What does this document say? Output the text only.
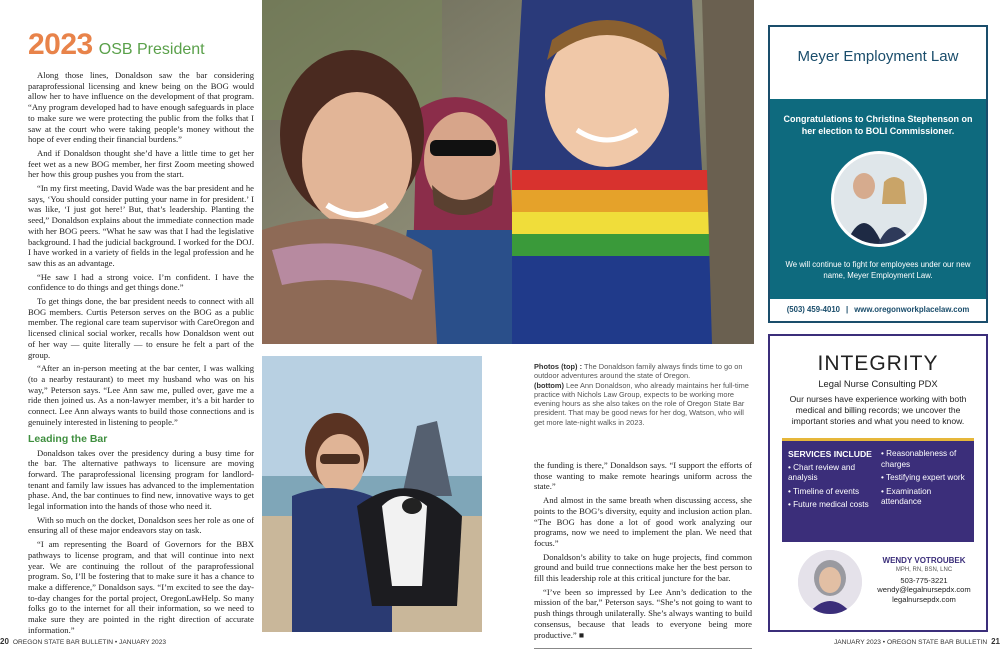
2023 OSB President

Along those lines, Donaldson saw the bar considering paraprofessional licensing and knew being on the BOG would allow her to have influence on the development of that program. “Any program developed had to have enough safeguards in place to make sure we were protecting the public from the folks that I saw at the court who were taking people’s money without the hope of ever ending their financial burdens.”

And if Donaldson thought she’d have a little time to get her feet wet as a new BOG member, her first Zoom meeting showed her how this group pushes you from the start.

“In my first meeting, David Wade was the bar president and he says, ‘You should consider putting your name in for president.’ I was like, ‘I just got here!’ But, that’s leadership. Planting the seed,” Donaldson explains about the immediate connection made with her BOG peers. “What he saw was that I had the legislative background. I had the judicial background. I worked for the DOJ. I have worked in a variety of fields in the legal profession and he saw this as an advantage.

“He saw I had a strong voice. I’m confident. I have the confidence to do things and get things done.”

To get things done, the bar president needs to connect with all BOG members. Curtis Peterson serves on the BOG as a public member. The regional care team supervisor with CareOregon and licensed clinical social worker, recalls how Donaldson went out of her way — quite literally — to ensure he felt a part of the group.

“After an in-person meeting at the bar center, I was walking (to a nearby restaurant) to meet my husband who was on his way,” Peterson says. “Lee Ann saw me, pulled over, gave me a ride then joined us. As a non-lawyer member, it’s a bit harder to connect. Lee Ann always wants to build those connections and is genuinely interested in listening to people.”

Leading the Bar

Donaldson takes over the presidency during a busy time for the bar. The alternative pathways to licensure are moving forward. The paraprofessional licensing program for landlord-tenant and family law issues has advanced to the implementation phase. And, the bar continues to find new, innovative ways to get legal information into the hands of those who need it.

With so much on the docket, Donaldson sees her role as one of ensuring all of these major endeavors stay on task.

“I am representing the Board of Governors for the BBX pathways to license program, and that will continue into next year. We are continuing the rollout of the paraprofessional program. So, I’ll be fostering that to make sure it has a chance to make a difference,” Donaldson says. “I’m excited to see the day-to-day changes for the portal project, OregonLawHelp. So many folks go to the internet for all their information, so we need to make sure they are pointed in the right direction of accurate information.”

Photos (top) : The Donaldson family always finds time to go on outdoor adventures around the state of Oregon.
(bottom) Lee Ann Donaldson, who already maintains her full-time practice with Nichols Law Group, expects to be working more evening hours as she also takes on the role of Oregon State Bar president. That may be good news for her dog, Watson, who will get more late-night walks in 2023.

the funding is there,” Donaldson says. “I support the efforts of those wanting to make remote hearings uniform across the state.”

And almost in the same breath when discussing access, she points to the BOG’s diversity, equity and inclusion action plan. “The BOG has done a lot of good work analyzing our programs, now we need to implement the plan. We need that focus.”

Donaldson’s ability to take on huge projects, find common ground and build true connections make her the best person to fill this leadership role at this critical juncture for the bar.

“I’ve been so impressed by Lee Ann’s dedication to the mission of the bar,” Peterson says. “She’s not going to want to push things through unilaterally. She’s always wanting to build consensus, because that leads to everyone being more productive.” ■

Meyer Employment Law
Congratulations to Christina Stephenson on her election to BOLI Commissioner.
We will continue to fight for employees under our new name, Meyer Employment Law.
(503) 459-4010 | www.oregonworkplacelaw.com
INTEGRITY
Legal Nurse Consulting PDX
Our nurses have experience working with both medical and billing records; we uncover the important stories and what you need to know.
SERVICES INCLUDE
• Chart review and analysis
• Timeline of events
• Future medical costs
• Reasonableness of charges
• Testifying expert work
• Examination attendance
WENDY VOTROUBEK
MPH, RN, BSN, LNC
503-775-3221
wendy@legalnursepdx.com
legalnursepdx.com
20 OREGON STATE BAR BULLETIN • JANUARY 2023	JANUARY 2023 • OREGON STATE BAR BULLETIN 21
